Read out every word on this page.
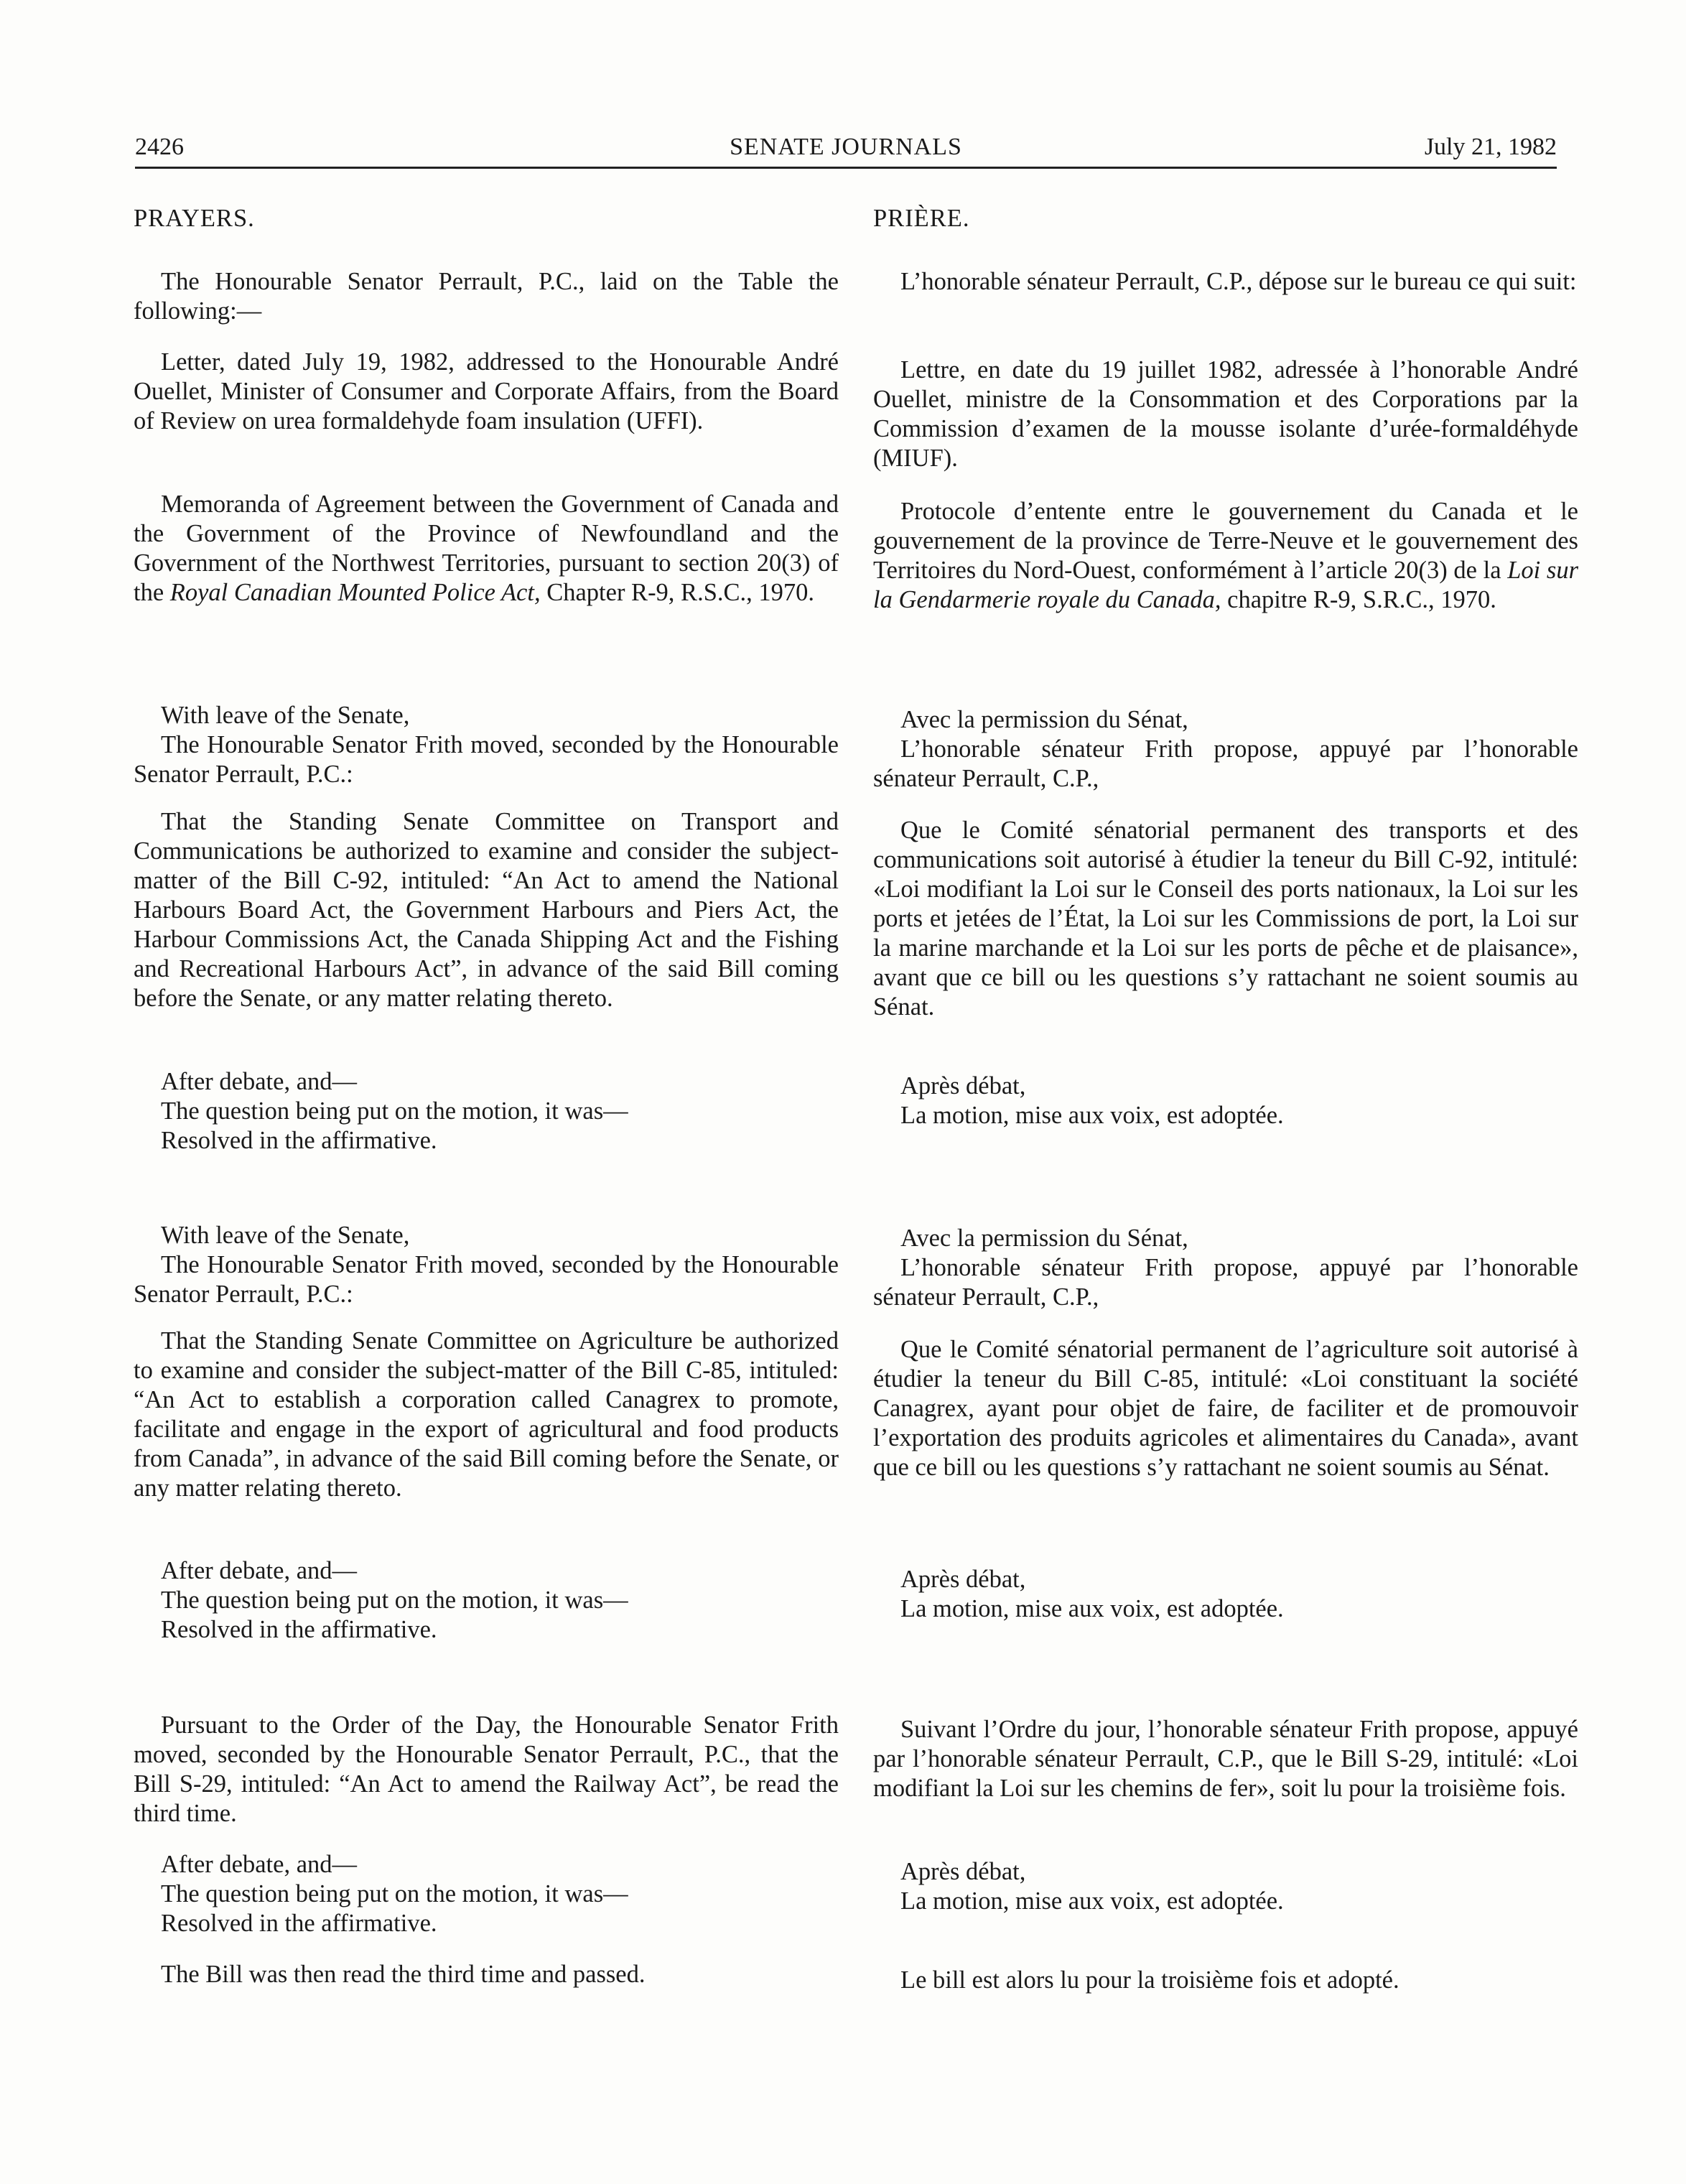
2426	SENATE JOURNALS	July 21, 1982

PRAYERS.

The Honourable Senator Perrault, P.C., laid on the Table the following:—

Letter, dated July 19, 1982, addressed to the Honourable André Ouellet, Minister of Consumer and Corporate Affairs, from the Board of Review on urea formaldehyde foam insulation (UFFI).

Memoranda of Agreement between the Government of Canada and the Government of the Province of Newfoundland and the Government of the Northwest Territories, pursuant to section 20(3) of the Royal Canadian Mounted Police Act, Chapter R-9, R.S.C., 1970.

With leave of the Senate,
The Honourable Senator Frith moved, seconded by the Honourable Senator Perrault, P.C.:

That the Standing Senate Committee on Transport and Communications be authorized to examine and consider the subject-matter of the Bill C-92, intituled: “An Act to amend the National Harbours Board Act, the Government Harbours and Piers Act, the Harbour Commissions Act, the Canada Shipping Act and the Fishing and Recreational Harbours Act”, in advance of the said Bill coming before the Senate, or any matter relating thereto.

After debate, and—
The question being put on the motion, it was—
Resolved in the affirmative.
With leave of the Senate,
The Honourable Senator Frith moved, seconded by the Honourable Senator Perrault, P.C.:

That the Standing Senate Committee on Agriculture be authorized to examine and consider the subject-matter of the Bill C-85, intituled: “An Act to establish a corporation called Canagrex to promote, facilitate and engage in the export of agricultural and food products from Canada”, in advance of the said Bill coming before the Senate, or any matter relating thereto.

After debate, and—
The question being put on the motion, it was—
Resolved in the affirmative.

Pursuant to the Order of the Day, the Honourable Senator Frith moved, seconded by the Honourable Senator Perrault, P.C., that the Bill S-29, intituled: “An Act to amend the Railway Act”, be read the third time.

After debate, and—
The question being put on the motion, it was—
Resolved in the affirmative.

The Bill was then read the third time and passed.

PRIÈRE.

L’honorable sénateur Perrault, C.P., dépose sur le bureau ce qui suit:

Lettre, en date du 19 juillet 1982, adressée à l’honorable André Ouellet, ministre de la Consommation et des Corporations par la Commission d’examen de la mousse isolante d’urée-formaldéhyde (MIUF).

Protocole d’entente entre le gouvernement du Canada et le gouvernement de la province de Terre-Neuve et le gouvernement des Territoires du Nord-Ouest, conformément à l’article 20(3) de la Loi sur la Gendarmerie royale du Canada, chapitre R-9, S.R.C., 1970.

Avec la permission du Sénat,
L’honorable sénateur Frith propose, appuyé par l’honorable sénateur Perrault, C.P.,

Que le Comité sénatorial permanent des transports et des communications soit autorisé à étudier la teneur du Bill C-92, intitulé: «Loi modifiant la Loi sur le Conseil des ports nationaux, la Loi sur les ports et jetées de l’État, la Loi sur les Commissions de port, la Loi sur la marine marchande et la Loi sur les ports de pêche et de plaisance», avant que ce bill ou les questions s’y rattachant ne soient soumis au Sénat.

Après débat,
La motion, mise aux voix, est adoptée.
Avec la permission du Sénat,
L’honorable sénateur Frith propose, appuyé par l’honorable sénateur Perrault, C.P.,

Que le Comité sénatorial permanent de l’agriculture soit autorisé à étudier la teneur du Bill C-85, intitulé: «Loi constituant la société Canagrex, ayant pour objet de faire, de faciliter et de promouvoir l’exportation des produits agricoles et alimentaires du Canada», avant que ce bill ou les questions s’y rattachant ne soient soumis au Sénat.

Après débat,
La motion, mise aux voix, est adoptée.

Suivant l’Ordre du jour, l’honorable sénateur Frith propose, appuyé par l’honorable sénateur Perrault, C.P., que le Bill S-29, intitulé: «Loi modifiant la Loi sur les chemins de fer», soit lu pour la troisième fois.

Après débat,
La motion, mise aux voix, est adoptée.

Le bill est alors lu pour la troisième fois et adopté.
